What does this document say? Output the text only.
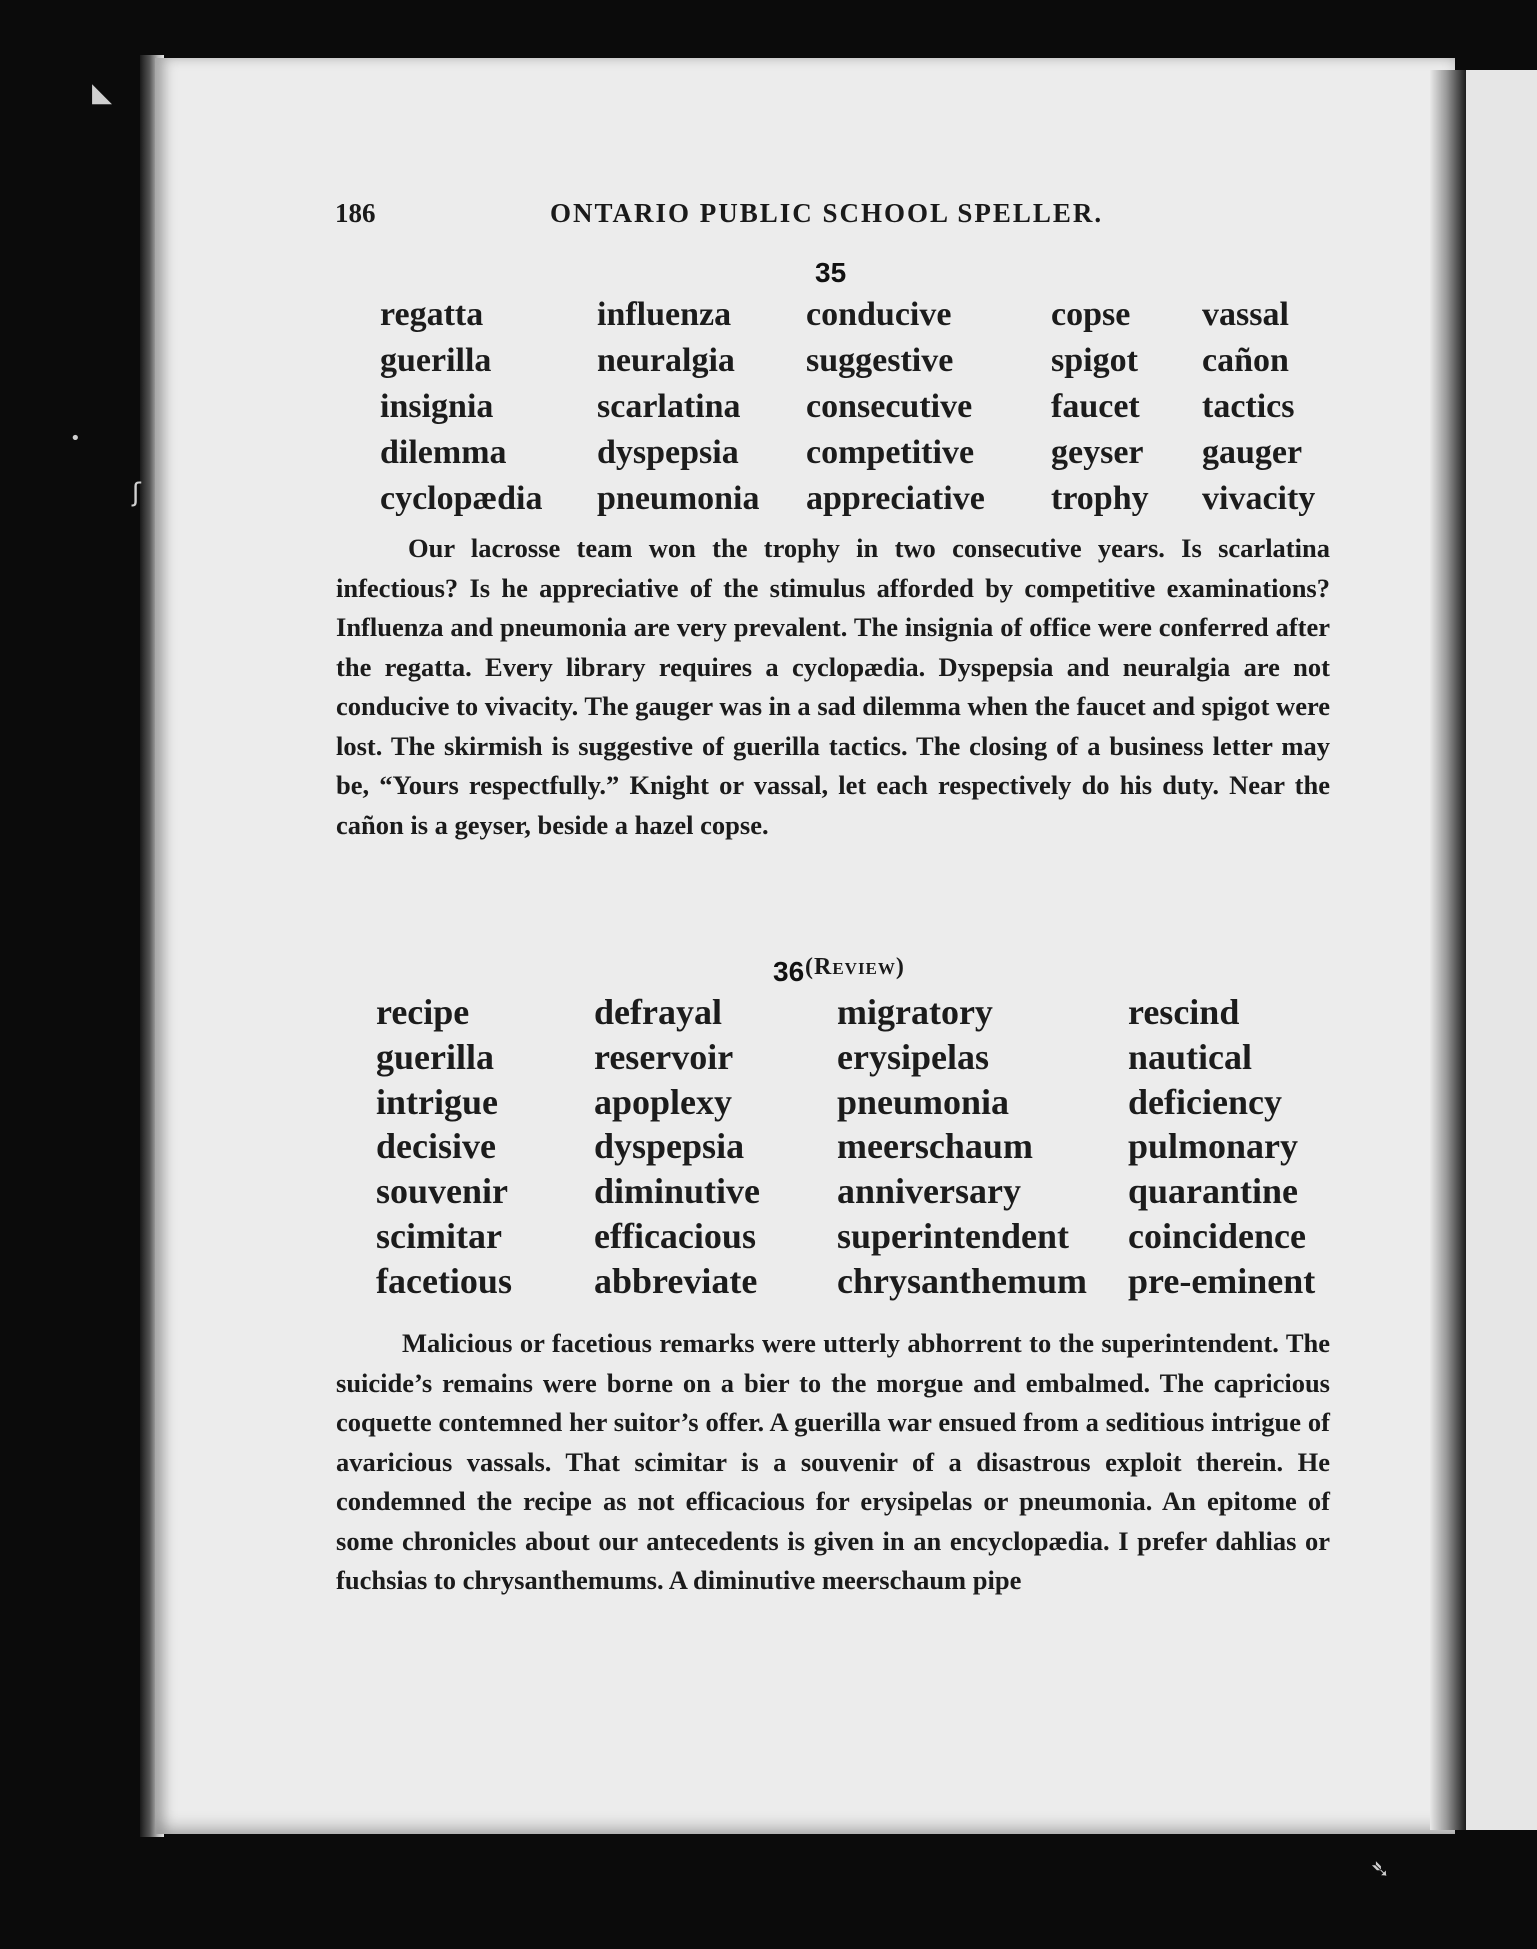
◣
•
ʃ
➴
186	ONTARIO PUBLIC SCHOOL SPELLER.
35
regatta
guerilla
insignia
dilemma
cyclopædia
influenza
neuralgia
scarlatina
dyspepsia
pneumonia
conducive
suggestive
consecutive
competitive
appreciative
copse
spigot
faucet
geyser
trophy
vassal
cañon
tactics
gauger
vivacity

Our lacrosse team won the trophy in two consecutive years. Is scarlatina infectious? Is he appreciative of the stimulus afforded by competitive examinations? Influenza and pneumonia are very prevalent. The insignia of office were conferred after the regatta. Every library requires a cyclopædia. Dyspepsia and neuralgia are not conducive to vivacity. The gauger was in a sad dilemma when the faucet and spigot were lost. The skirmish is suggestive of guerilla tactics. The closing of a business letter may be, “Yours respectfully.” Knight or vassal, let each respectively do his duty. Near the cañon is a geyser, beside a hazel copse.

36 (Review)
recipe
guerilla
intrigue
decisive
souvenir
scimitar
facetious
defrayal
reservoir
apoplexy
dyspepsia
diminutive
efficacious
abbreviate
migratory
erysipelas
pneumonia
meerschaum
anniversary
superintendent
chrysanthemum
rescind
nautical
deficiency
pulmonary
quarantine
coincidence
pre-eminent

Malicious or facetious remarks were utterly abhorrent to the superintendent. The suicide’s remains were borne on a bier to the morgue and embalmed. The capricious coquette contemned her suitor’s offer. A guerilla war ensued from a seditious intrigue of avaricious vassals. That scimitar is a souvenir of a disastrous exploit therein. He condemned the recipe as not efficacious for erysipelas or pneumonia. An epitome of some chronicles about our antecedents is given in an encyclopædia. I prefer dahlias or fuchsias to chrysanthemums. A diminutive meerschaum pipe
